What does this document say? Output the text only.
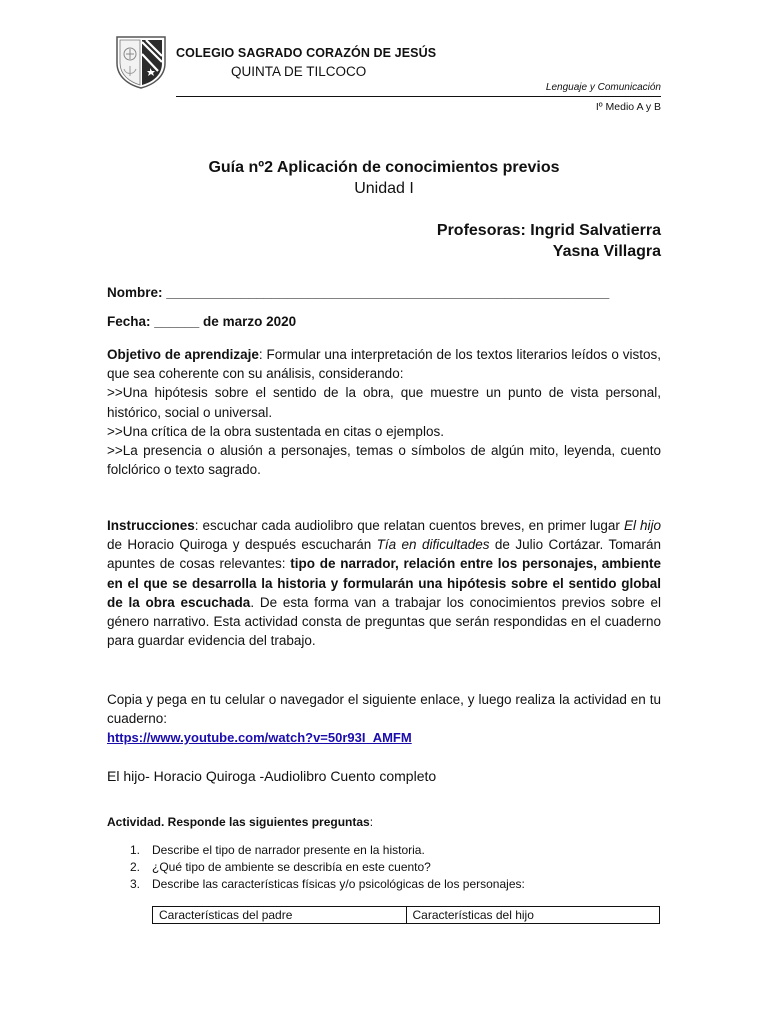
COLEGIO SAGRADO CORAZÓN DE JESÚS
QUINTA DE TILCOCO
Lenguaje y Comunicación
Iº Medio A y B
Guía nº2 Aplicación de conocimientos previos
Unidad I
Profesoras: Ingrid Salvatierra
Yasna Villagra
Nombre: ___________________________________________________________
Fecha: ______ de marzo 2020

Objetivo de aprendizaje: Formular una interpretación de los textos literarios leídos o vistos, que sea coherente con su análisis, considerando:

>>Una hipótesis sobre el sentido de la obra, que muestre un punto de vista personal, histórico, social o universal.

>>Una crítica de la obra sustentada en citas o ejemplos.

>>La presencia o alusión a personajes, temas o símbolos de algún mito, leyenda, cuento folclórico o texto sagrado.

Instrucciones: escuchar cada audiolibro que relatan cuentos breves, en primer lugar El hijo de Horacio Quiroga y después escucharán Tía en dificultades de Julio Cortázar. Tomarán apuntes de cosas relevantes: tipo de narrador, relación entre los personajes, ambiente en el que se desarrolla la historia y formularán una hipótesis sobre el sentido global de la obra escuchada. De esta forma van a trabajar los conocimientos previos sobre el género narrativo. Esta actividad consta de preguntas que serán respondidas en el cuaderno para guardar evidencia del trabajo.

Copia y pega en tu celular o navegador el siguiente enlace, y luego realiza la actividad en tu cuaderno:

https://www.youtube.com/watch?v=50r93I_AMFM
El hijo- Horacio Quiroga -Audiolibro Cuento completo
Actividad. Responde las siguientes preguntas:
1. Describe el tipo de narrador presente en la historia.
2. ¿Qué tipo de ambiente se describía en este cuento?
3. Describe las características físicas y/o psicológicas de los personajes:
Características del padre	Características del hijo
